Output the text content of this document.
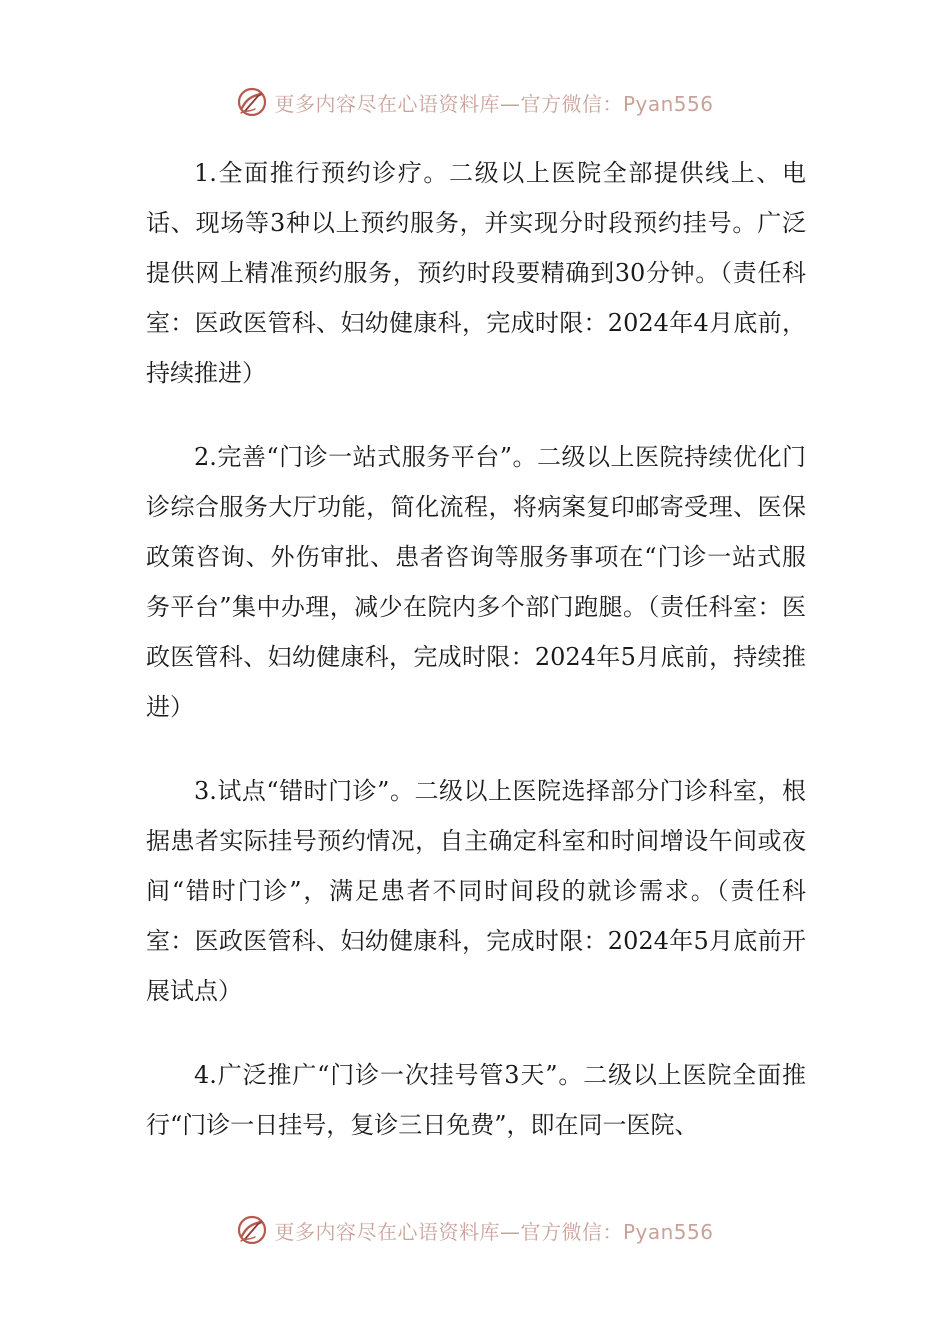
更多内容尽在心语资料库—官方微信：Pyan556

1.全面推行预约诊疗。二级以上医院全部提供线上、电话、现场等3种以上预约服务，并实现分时段预约挂号。广泛提供网上精准预约服务，预约时段要精确到30分钟。（责任科室：医政医管科、妇幼健康科，完成时限：2024年4月底前，持续推进）

2.完善“门诊一站式服务平台”。二级以上医院持续优化门诊综合服务大厅功能，简化流程，将病案复印邮寄受理、医保政策咨询、外伤审批、患者咨询等服务事项在“门诊一站式服务平台”集中办理，减少在院内多个部门跑腿。（责任科室：医政医管科、妇幼健康科，完成时限：2024年5月底前，持续推进）

3.试点“错时门诊”。二级以上医院选择部分门诊科室，根据患者实际挂号预约情况，自主确定科室和时间增设午间或夜间“错时门诊”，满足患者不同时间段的就诊需求。（责任科室：医政医管科、妇幼健康科，完成时限：2024年5月底前开展试点）

4.广泛推广“门诊一次挂号管3天”。二级以上医院全面推行“门诊一日挂号，复诊三日免费”，即在同一医院、

更多内容尽在心语资料库—官方微信：Pyan556
